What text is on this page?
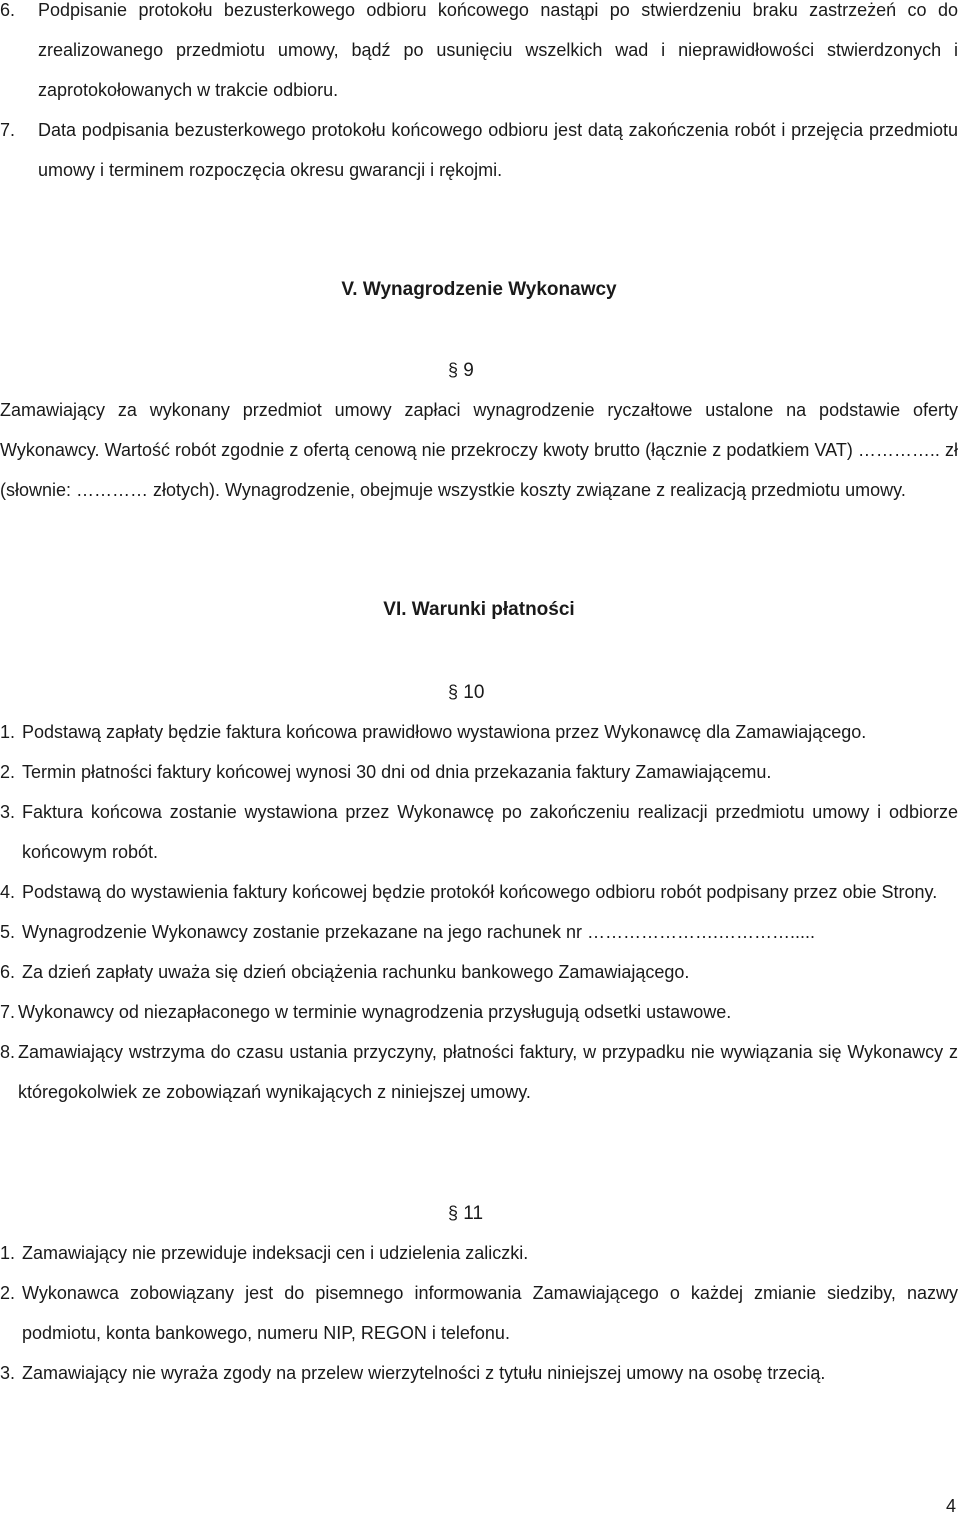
6. Podpisanie protokołu bezusterkowego odbioru końcowego nastąpi po stwierdzeniu braku zastrzeżeń co do zrealizowanego przedmiotu umowy, bądź po usunięciu wszelkich wad i nieprawidłowości stwierdzonych i zaprotokołowanych w trakcie odbioru.
7. Data podpisania bezusterkowego protokołu końcowego odbioru jest datą zakończenia robót i przejęcia przedmiotu umowy i terminem rozpoczęcia okresu gwarancji i rękojmi.
V. Wynagrodzenie Wykonawcy
§ 9
Zamawiający za wykonany przedmiot umowy zapłaci wynagrodzenie ryczałtowe ustalone na podstawie oferty Wykonawcy. Wartość robót zgodnie z ofertą cenową nie przekroczy kwoty brutto (łącznie z podatkiem VAT) ………….. zł (słownie: ………… złotych). Wynagrodzenie, obejmuje wszystkie koszty związane z realizacją przedmiotu umowy.
VI. Warunki płatności
§ 10
1. Podstawą zapłaty będzie faktura końcowa prawidłowo wystawiona przez Wykonawcę dla Zamawiającego.
2. Termin płatności faktury końcowej wynosi 30 dni od dnia przekazania faktury Zamawiającemu.
3. Faktura końcowa zostanie wystawiona przez Wykonawcę po zakończeniu realizacji przedmiotu umowy i odbiorze końcowym robót.
4. Podstawą do wystawienia faktury końcowej będzie protokół końcowego odbioru robót podpisany przez obie Strony.
5. Wynagrodzenie Wykonawcy zostanie przekazane na jego rachunek nr ………………….………….....
6. Za dzień zapłaty uważa się dzień obciążenia rachunku bankowego Zamawiającego.
7. Wykonawcy od niezapłaconego w terminie wynagrodzenia przysługują odsetki ustawowe.
8. Zamawiający wstrzyma do czasu ustania przyczyny, płatności faktury, w przypadku nie wywiązania się Wykonawcy z któregokolwiek ze zobowiązań wynikających z niniejszej umowy.
§ 11
1. Zamawiający nie przewiduje indeksacji cen i udzielenia zaliczki.
2. Wykonawca zobowiązany jest do pisemnego informowania Zamawiającego o każdej zmianie siedziby, nazwy podmiotu, konta bankowego, numeru NIP, REGON i telefonu.
3. Zamawiający nie wyraża zgody na przelew wierzytelności z tytułu niniejszej umowy na osobę trzecią.
4
